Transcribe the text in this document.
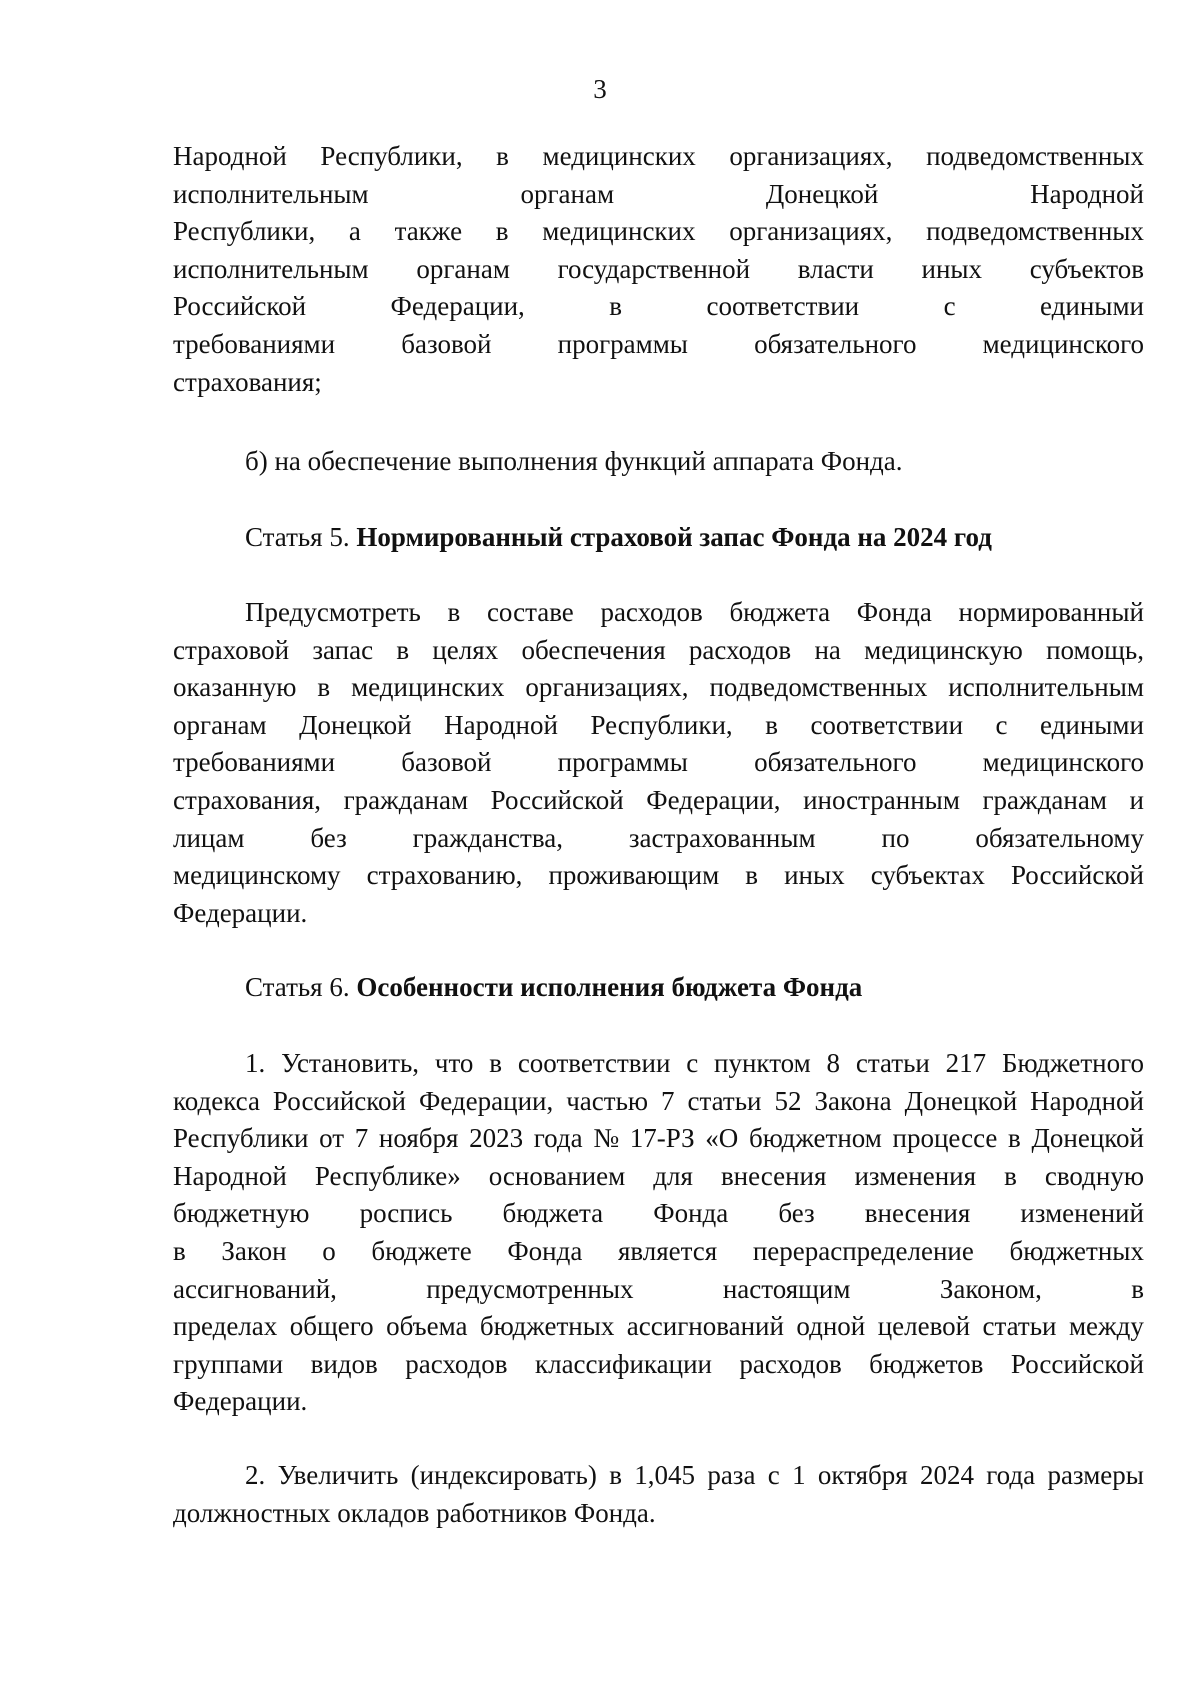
3
Народной Республики, в медицинских организациях, подведомственных
исполнительным	органам	Донецкой	Народной
Республики, а также в медицинских организациях, подведомственных
исполнительным органам государственной власти иных субъектов
Российской	Федерации,	в	соответствии	с	едиными
требованиями базовой программы обязательного медицинского
страхования;
б) на обеспечение выполнения функций аппарата Фонда.
Статья 5. Нормированный страховой запас Фонда на 2024 год
Предусмотреть в составе расходов бюджета Фонда нормированный
страховой запас в целях обеспечения расходов на медицинскую помощь,
оказанную в медицинских организациях, подведомственных исполнительным
органам Донецкой Народной Республики, в соответствии с едиными
требованиями базовой программы обязательного медицинского
страхования, гражданам Российской Федерации, иностранным гражданам и
лицам без гражданства, застрахованным по обязательному
медицинскому страхованию, проживающим в иных субъектах Российской
Федерации.
Статья 6. Особенности исполнения бюджета Фонда
1. Установить, что в соответствии с пунктом 8 статьи 217 Бюджетного
кодекса Российской Федерации, частью 7 статьи 52 Закона Донецкой Народной
Республики от 7 ноября 2023 года № 17-РЗ «О бюджетном процессе в Донецкой
Народной Республике» основанием для внесения изменения в сводную
бюджетную роспись бюджета Фонда без внесения изменений
в Закон о бюджете Фонда является перераспределение бюджетных
ассигнований,	предусмотренных	настоящим	Законом,	в
пределах общего объема бюджетных ассигнований одной целевой статьи между
группами видов расходов классификации расходов бюджетов Российской
Федерации.
2. Увеличить (индексировать) в 1,045 раза с 1 октября 2024 года размеры
должностных окладов работников Фонда.
